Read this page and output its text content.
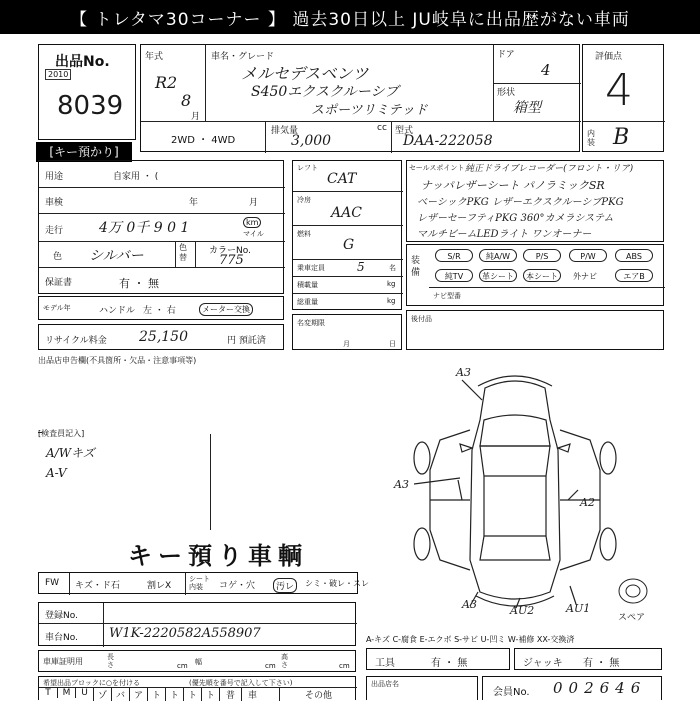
【 トレタマ30コーナー 】 過去30日以上 JU岐阜に出品歴がない車両
出品No.
2010
8039
[キー預かり]
年式
R2
8
月
車名・グレード
メルセデスベンツ
S450エクスクルーシブ
スポーツリミテッド
ドア
4
形状
箱型
2WD ・ 4WD
排気量
3,000
cc 型式
DAA-222058
評価点
4
内装 B
用途	自家用 ・ (
車検	年	月
走行	4万 0千 9 0 1	km
マイル
色 シルバー
色替
カラーNo.
775
保証書	有 ・ 無
モデル年	ハンドル 左 ・ 右	メーター交換
リサイクル料金 25,150	円 預託済
出品店申告欄(不具箇所・欠品・注意事項等)
レフト
CAT
冷房
AAC
燃料
G
乗車定員	5	名
積載量	kg
総重量	kg
名変期限
月	日
セールスポイント 純正ドライブレコーダー(フロント・リア)
ナッパレザーシート パノラミックSR
ベーシックPKG レザーエクスクルーシブPKG
レザーセーフティPKG 360°カメラシステム
マルチビームLEDライト ワンオーナー
装備
S/R	純A/W	P/S	P/W	ABS
純TV	革シート	本シート	外ナビ	エアB
ナビ型番
後付品
[検査員記入]
A/Wキズ
A-V
A3
A3
A2
A3	AU2	AU1
スペア
キー預り車輌
FW キズ・ド石	割レX
シート内装	コゲ・穴	汚レ	シミ・破レ・スレ
登録No.
車台No. W1K-2220582A558907
車庫証明用	長さ	cm 幅	cm
高さ	cm
A-キズ C-腐食 E-エクボ S-サビ U-凹ミ W-補修 XX-交換済
工具	有 ・ 無	ジャッキ 有 ・ 無
希望出品ブロックに○を付ける	(優先順を番号で記入して下さい)
T	M	U	ゾ バ ア ト ト ト ト	普	車	その他
出品店名
会員No. 002646
